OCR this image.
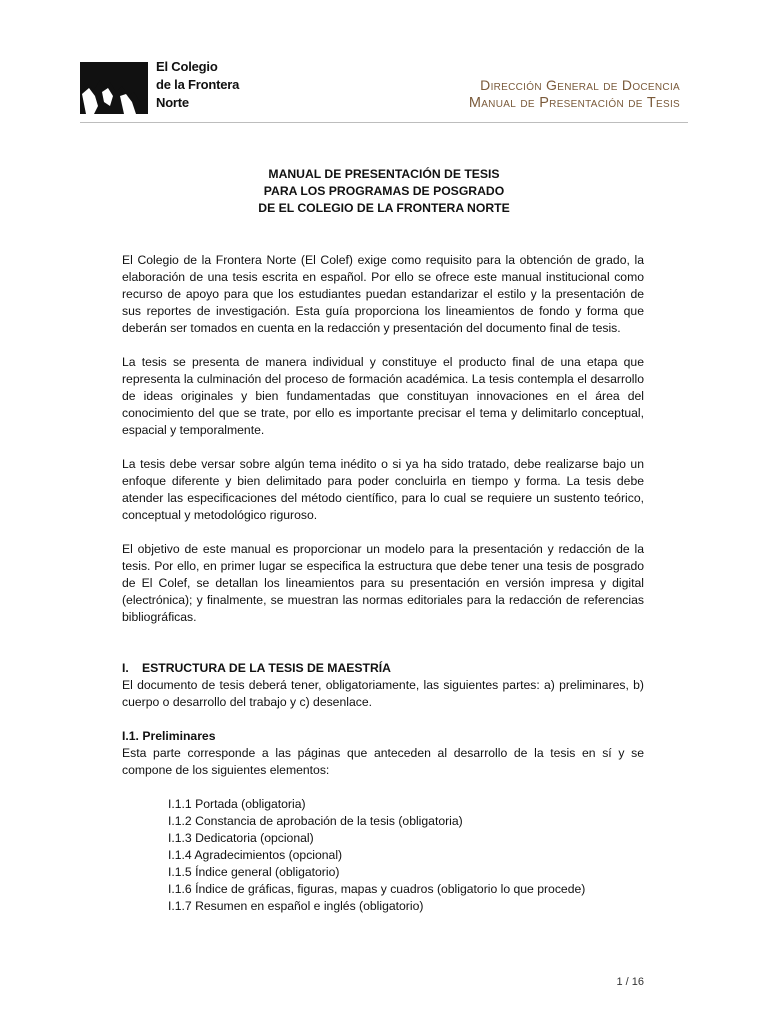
El Colegio
de la Frontera
Norte
Dirección General de Docencia
Manual de Presentación de Tesis
MANUAL DE PRESENTACIÓN DE TESIS
PARA LOS PROGRAMAS DE POSGRADO
DE EL COLEGIO DE LA FRONTERA NORTE

El Colegio de la Frontera Norte (El Colef) exige como requisito para la obtención de grado, la elaboración de una tesis escrita en español. Por ello se ofrece este manual institucional como recurso de apoyo para que los estudiantes puedan estandarizar el estilo y la presentación de sus reportes de investigación. Esta guía proporciona los lineamientos de fondo y forma que deberán ser tomados en cuenta en la redacción y presentación del documento final de tesis.

La tesis se presenta de manera individual y constituye el producto final de una etapa que representa la culminación del proceso de formación académica. La tesis contempla el desarrollo de ideas originales y bien fundamentadas que constituyan innovaciones en el área del conocimiento del que se trate, por ello es importante precisar el tema y delimitarlo conceptual, espacial y temporalmente.

La tesis debe versar sobre algún tema inédito o si ya ha sido tratado, debe realizarse bajo un enfoque diferente y bien delimitado para poder concluirla en tiempo y forma. La tesis debe atender las especificaciones del método científico, para lo cual se requiere un sustento teórico, conceptual y metodológico riguroso.

El objetivo de este manual es proporcionar un modelo para la presentación y redacción de la tesis. Por ello, en primer lugar se especifica la estructura que debe tener una tesis de posgrado de El Colef, se detallan los lineamientos para su presentación en versión impresa y digital (electrónica); y finalmente, se muestran las normas editoriales para la redacción de referencias bibliográficas.

I. ESTRUCTURA DE LA TESIS DE MAESTRÍA

El documento de tesis deberá tener, obligatoriamente, las siguientes partes: a) preliminares, b) cuerpo o desarrollo del trabajo y c) desenlace.

I.1. Preliminares

Esta parte corresponde a las páginas que anteceden al desarrollo de la tesis en sí y se compone de los siguientes elementos:

I.1.1 Portada (obligatoria)
I.1.2 Constancia de aprobación de la tesis (obligatoria)
I.1.3 Dedicatoria (opcional)
I.1.4 Agradecimientos (opcional)
I.1.5 Índice general (obligatorio)
I.1.6 Índice de gráficas, figuras, mapas y cuadros (obligatorio lo que procede)
I.1.7 Resumen en español e inglés (obligatorio)
1 / 16
